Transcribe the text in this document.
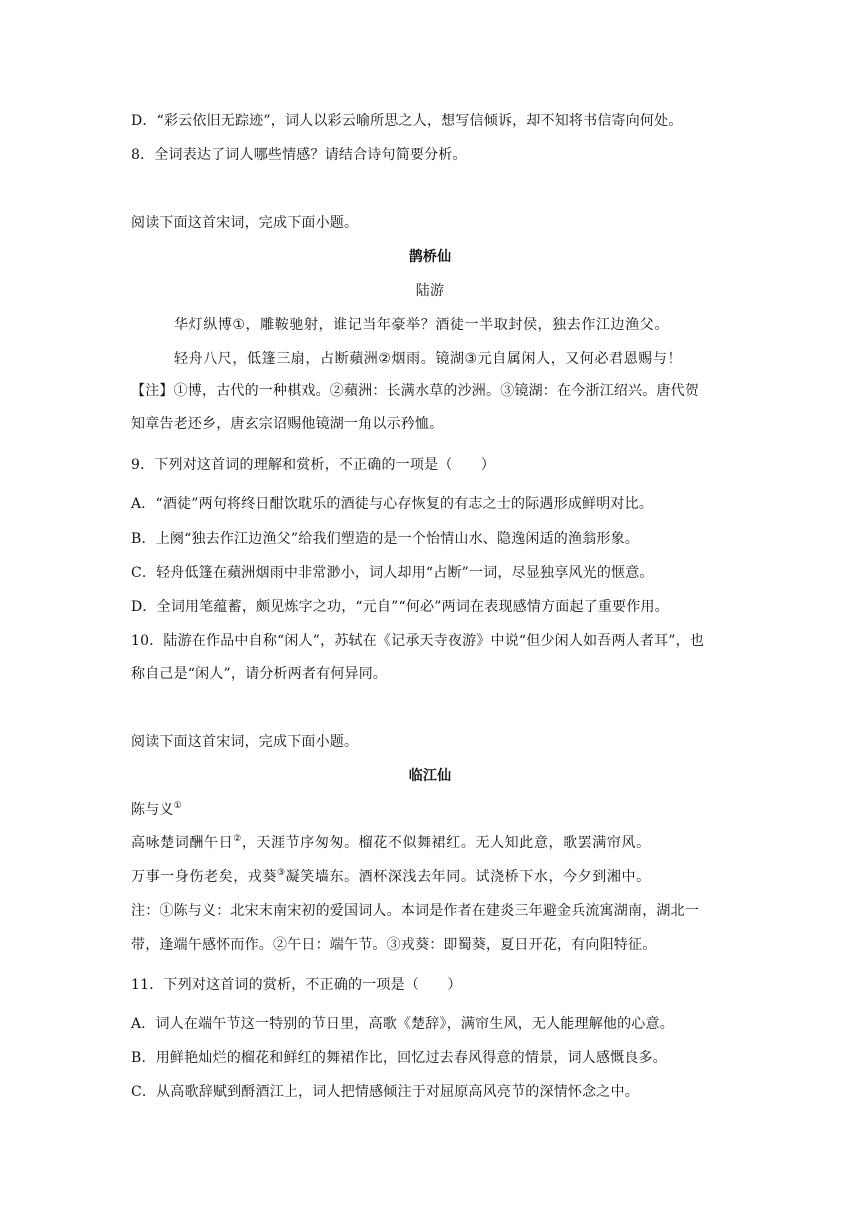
D．“彩云依旧无踪迹”，词人以彩云喻所思之人，想写信倾诉，却不知将书信寄向何处。
8．全词表达了词人哪些情感？请结合诗句简要分析。
阅读下面这首宋词，完成下面小题。
鹊桥仙
陆游
华灯纵博①，雕鞍驰射，谁记当年豪举？酒徒一半取封侯，独去作江边渔父。
轻舟八尺，低篷三扇，占断蘋洲②烟雨。镜湖③元自属闲人，又何必君恩赐与！
【注】①博，古代的一种棋戏。②蘋洲：长满水草的沙洲。③镜湖：在今浙江绍兴。唐代贺
知章告老还乡，唐玄宗诏赐他镜湖一角以示矜恤。
9．下列对这首词的理解和赏析，不正确的一项是（　　）
A．“酒徒”两句将终日酣饮耽乐的酒徒与心存恢复的有志之士的际遇形成鲜明对比。
B．上阕“独去作江边渔父”给我们塑造的是一个怡情山水、隐逸闲适的渔翁形象。
C．轻舟低篷在蘋洲烟雨中非常渺小，词人却用“占断”一词，尽显独享风光的惬意。
D．全词用笔蕴蓄，颇见炼字之功，“元自”“何必”两词在表现感情方面起了重要作用。
10．陆游在作品中自称“闲人”，苏轼在《记承天寺夜游》中说“但少闲人如吾两人者耳”，也
称自己是“闲人”，请分析两者有何异同。
阅读下面这首宋词，完成下面小题。
临江仙
陈与义①
高咏楚词酬午日②，天涯节序匆匆。榴花不似舞裙红。无人知此意，歌罢满帘风。
万事一身伤老矣，戎葵③凝笑墙东。酒杯深浅去年同。试浇桥下水，今夕到湘中。
注：①陈与义：北宋末南宋初的爱国词人。本词是作者在建炎三年避金兵流寓湖南，湖北一
带，逢端午感怀而作。②午日：端午节。③戎葵：即蜀葵，夏日开花，有向阳特征。
11．下列对这首词的赏析，不正确的一项是（　　）
A．词人在端午节这一特别的节日里，高歌《楚辞》，满帘生风，无人能理解他的心意。
B．用鲜艳灿烂的榴花和鲜红的舞裙作比，回忆过去春风得意的情景，词人感慨良多。
C．从高歌辞赋到酹酒江上，词人把情感倾注于对屈原高风亮节的深情怀念之中。
